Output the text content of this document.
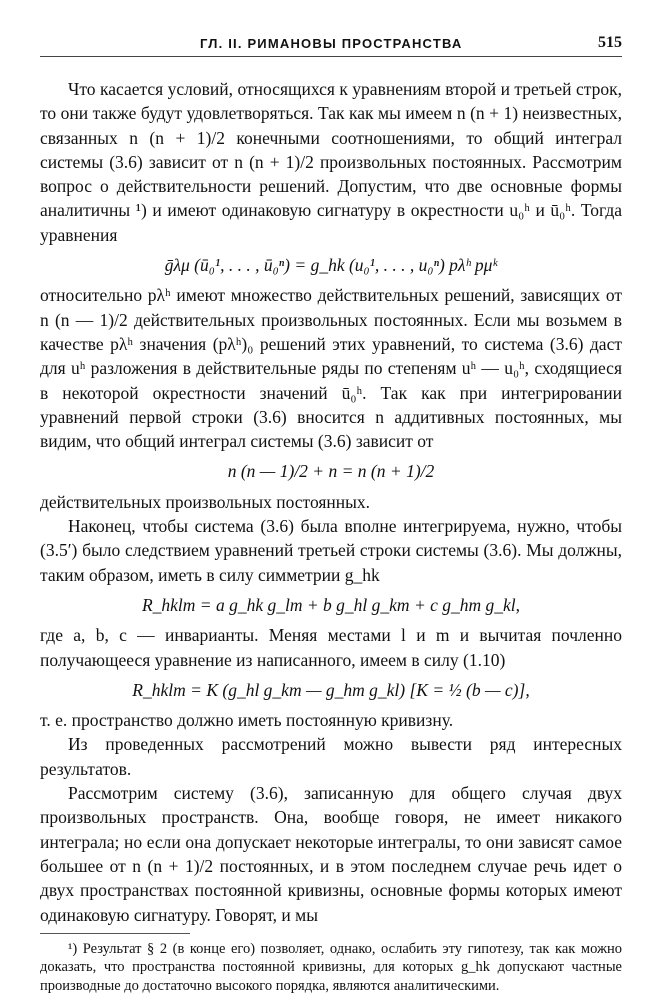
ГЛ. II. РИМАНОВЫ ПРОСТРАНСТВА	515

Что касается условий, относящихся к уравнениям второй и третьей строк, то они также будут удовлетворяться. Так как мы имеем n (n + 1) неизвестных, связанных n (n + 1)/2 конечными соотношениями, то общий интеграл системы (3.6) зависит от n (n + 1)/2 произвольных постоянных. Рассмотрим вопрос о действительности решений. Допустим, что две основные формы аналитичны ¹) и имеют одинаковую сигнатуру в окрестности u₀ʰ и ū₀ʰ. Тогда уравнения

ḡλμ (ū₀¹, . . . , ū₀ⁿ) = g_hk (u₀¹, . . . , u₀ⁿ) pλʰ pμᵏ

относительно pλʰ имеют множество действительных решений, зависящих от n (n — 1)/2 действительных произвольных постоянных. Если мы возьмем в качестве pλʰ значения (pλʰ)₀ решений этих уравнений, то система (3.6) даст для uʰ разложения в действительные ряды по степеням uʰ — u₀ʰ, сходящиеся в некоторой окрестности значений ū₀ʰ. Так как при интегрировании уравнений первой строки (3.6) вносится n аддитивных постоянных, мы видим, что общий интеграл системы (3.6) зависит от

n (n — 1)/2 + n = n (n + 1)/2

действительных произвольных постоянных.

Наконец, чтобы система (3.6) была вполне интегрируема, нужно, чтобы (3.5′) было следствием уравнений третьей строки системы (3.6). Мы должны, таким образом, иметь в силу симметрии g_hk

R_hklm = a g_hk g_lm + b g_hl g_km + c g_hm g_kl,

где a, b, c — инварианты. Меняя местами l и m и вычитая почленно получающееся уравнение из написанного, имеем в силу (1.10)

R_hklm = K (g_hl g_km — g_hm g_kl) [K = ½ (b — c)],

т. е. пространство должно иметь постоянную кривизну.

Из проведенных рассмотрений можно вывести ряд интересных результатов.

Рассмотрим систему (3.6), записанную для общего случая двух произвольных пространств. Она, вообще говоря, не имеет никакого интеграла; но если она допускает некоторые интегралы, то они зависят самое большее от n (n + 1)/2 постоянных, и в этом последнем случае речь идет о двух пространствах постоянной кривизны, основные формы которых имеют одинаковую сигнатуру. Говорят, и мы

¹) Результат § 2 (в конце его) позволяет, однако, ослабить эту гипотезу, так как можно доказать, что пространства постоянной кривизны, для которых g_hk допускают частные производные до достаточно высокого порядка, являются аналитическими.
